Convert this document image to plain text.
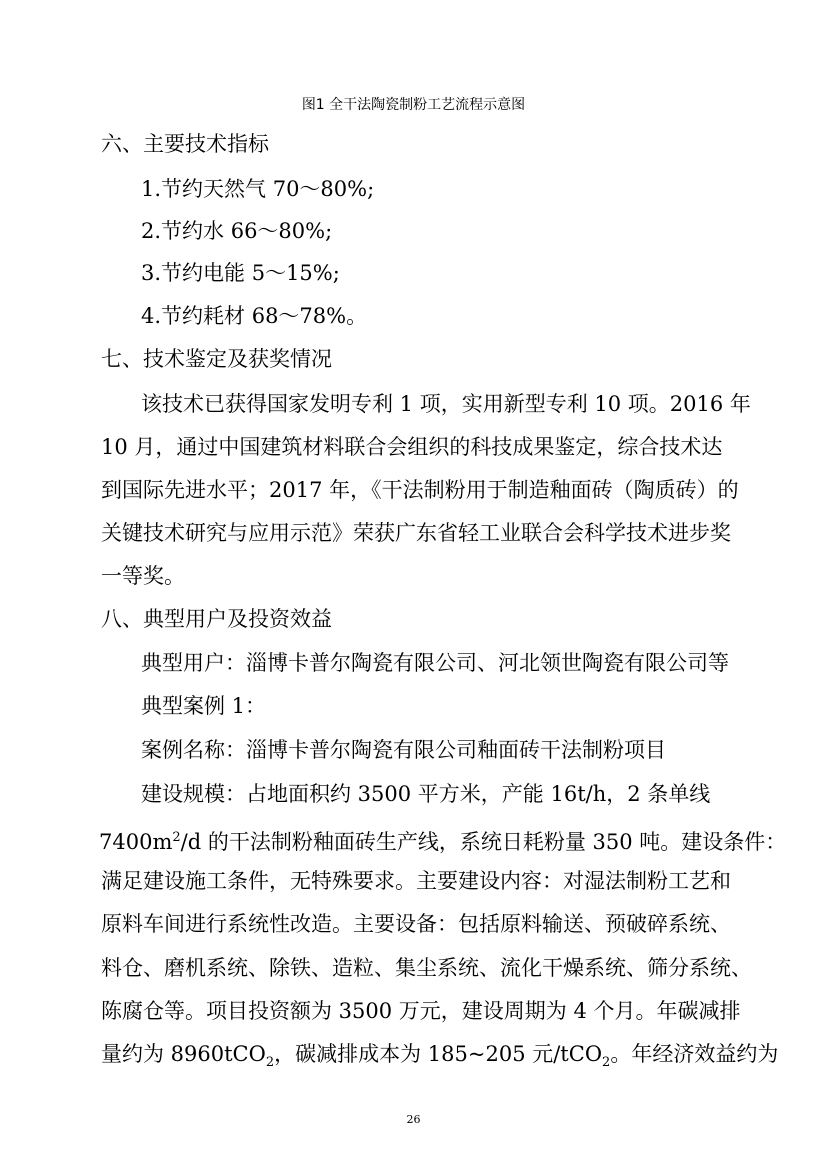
图1 全干法陶瓷制粉工艺流程示意图
六、主要技术指标
1.节约天然气 70～80%;
2.节约水 66～80%;
3.节约电能 5～15%;
4.节约耗材 68～78%。
七、技术鉴定及获奖情况
该技术已获得国家发明专利 1 项，实用新型专利 10 项。2016 年
10 月，通过中国建筑材料联合会组织的科技成果鉴定，综合技术达
到国际先进水平；2017 年，《干法制粉用于制造釉面砖（陶质砖）的
关键技术研究与应用示范》荣获广东省轻工业联合会科学技术进步奖
一等奖。
八、典型用户及投资效益
典型用户：淄博卡普尔陶瓷有限公司、河北领世陶瓷有限公司等
典型案例 1：
案例名称：淄博卡普尔陶瓷有限公司釉面砖干法制粉项目
建设规模：占地面积约 3500 平方米，产能 16t/h，2 条单线
$7400m^2/d$ 的干法制粉釉面砖生产线，系统日耗粉量 350 吨。建设条件：
满足建设施工条件，无特殊要求。主要建设内容：对湿法制粉工艺和
原料车间进行系统性改造。主要设备：包括原料输送、预破碎系统、
料仓、磨机系统、除铁、造粒、集尘系统、流化干燥系统、筛分系统、
陈腐仓等。项目投资额为 3500 万元，建设周期为 4 个月。年碳减排
量约为 8960tCO$_2$，碳减排成本为 185~205 元/tCO$_2$。年经济效益约为
26
